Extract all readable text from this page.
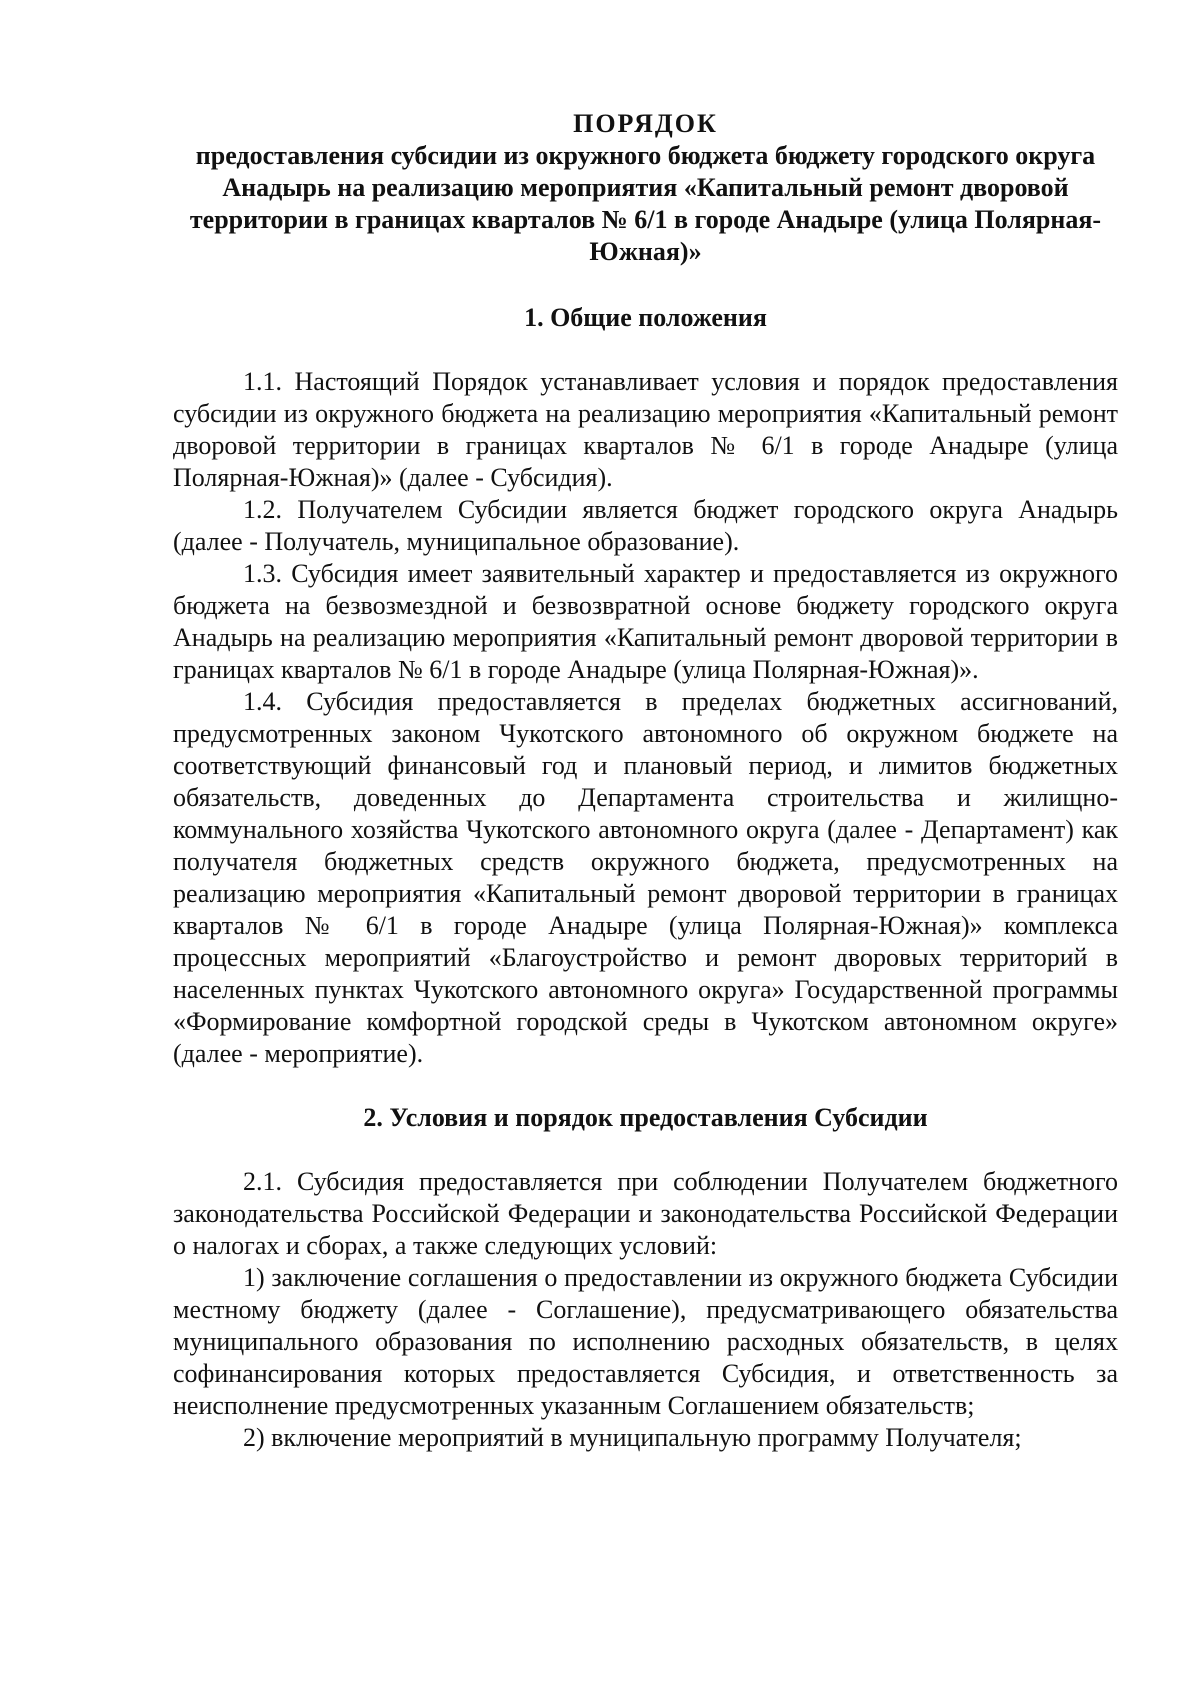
ПОРЯДОК

предоставления субсидии из окружного бюджета бюджету городского округа Анадырь на реализацию мероприятия «Капитальный ремонт дворовой территории в границах кварталов № 6/1 в городе Анадыре (улица Полярная-Южная)»

1. Общие положения

1.1. Настоящий Порядок устанавливает условия и порядок предоставления субсидии из окружного бюджета на реализацию мероприятия «Капитальный ремонт дворовой территории в границах кварталов № 6/1 в городе Анадыре (улица Полярная-Южная)» (далее - Субсидия).

1.2. Получателем Субсидии является бюджет городского округа Анадырь (далее - Получатель, муниципальное образование).

1.3. Субсидия имеет заявительный характер и предоставляется из окружного бюджета на безвозмездной и безвозвратной основе бюджету городского округа Анадырь на реализацию мероприятия «Капитальный ремонт дворовой территории в границах кварталов № 6/1 в городе Анадыре (улица Полярная-Южная)».

1.4. Субсидия предоставляется в пределах бюджетных ассигнований, предусмотренных законом Чукотского автономного об окружном бюджете на соответствующий финансовый год и плановый период, и лимитов бюджетных обязательств, доведенных до Департамента строительства и жилищно-коммунального хозяйства Чукотского автономного округа (далее - Департамент) как получателя бюджетных средств окружного бюджета, предусмотренных на реализацию мероприятия «Капитальный ремонт дворовой территории в границах кварталов № 6/1 в городе Анадыре (улица Полярная-Южная)» комплекса процессных мероприятий «Благоустройство и ремонт дворовых территорий в населенных пунктах Чукотского автономного округа» Государственной программы «Формирование комфортной городской среды в Чукотском автономном округе» (далее - мероприятие).

2. Условия и порядок предоставления Субсидии

2.1. Субсидия предоставляется при соблюдении Получателем бюджетного законодательства Российской Федерации и законодательства Российской Федерации о налогах и сборах, а также следующих условий:

1) заключение соглашения о предоставлении из окружного бюджета Субсидии местному бюджету (далее - Соглашение), предусматривающего обязательства муниципального образования по исполнению расходных обязательств, в целях софинансирования которых предоставляется Субсидия, и ответственность за неисполнение предусмотренных указанным Соглашением обязательств;

2) включение мероприятий в муниципальную программу Получателя;
